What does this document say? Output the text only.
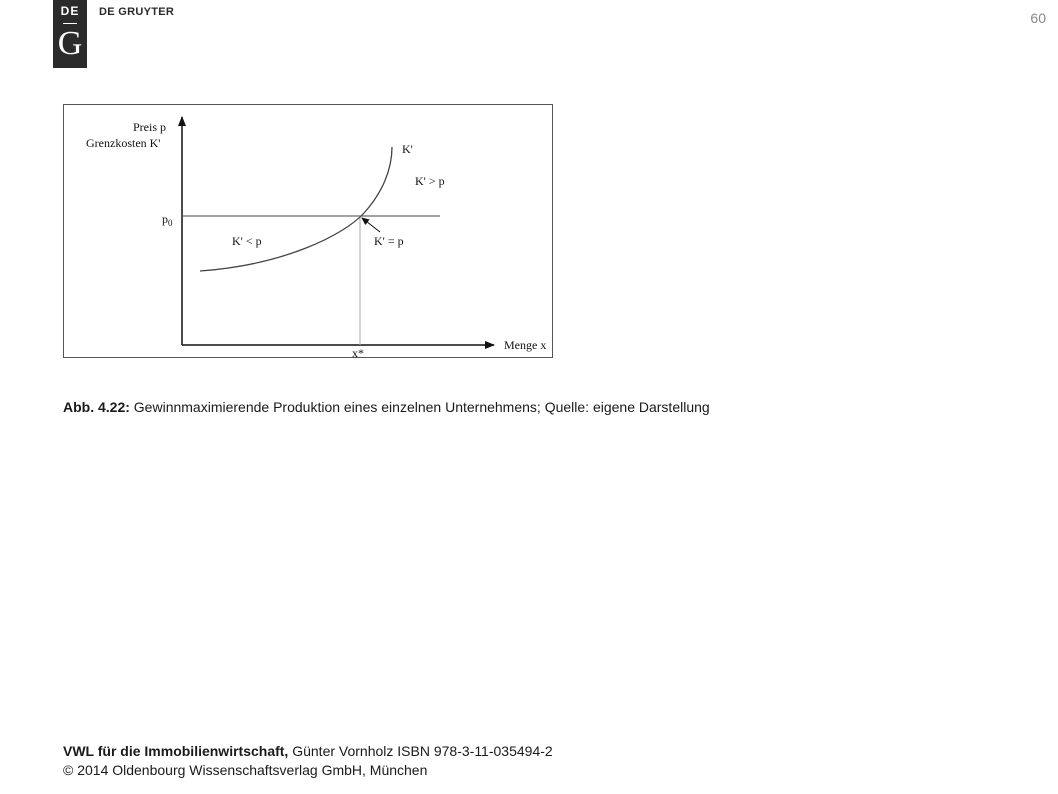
DE
G
DE GRUYTER	60
Preis p
Grenzkosten K'
$p_0$
K'
K' > p
K' < p	K' = p
Menge x
x*
Abb. 4.22: Gewinnmaximierende Produktion eines einzelnen Unternehmens; Quelle: eigene Darstellung
VWL für die Immobilienwirtschaft, Günter Vornholz ISBN 978-3-11-035494-2
© 2014 Oldenbourg Wissenschaftsverlag GmbH, München
